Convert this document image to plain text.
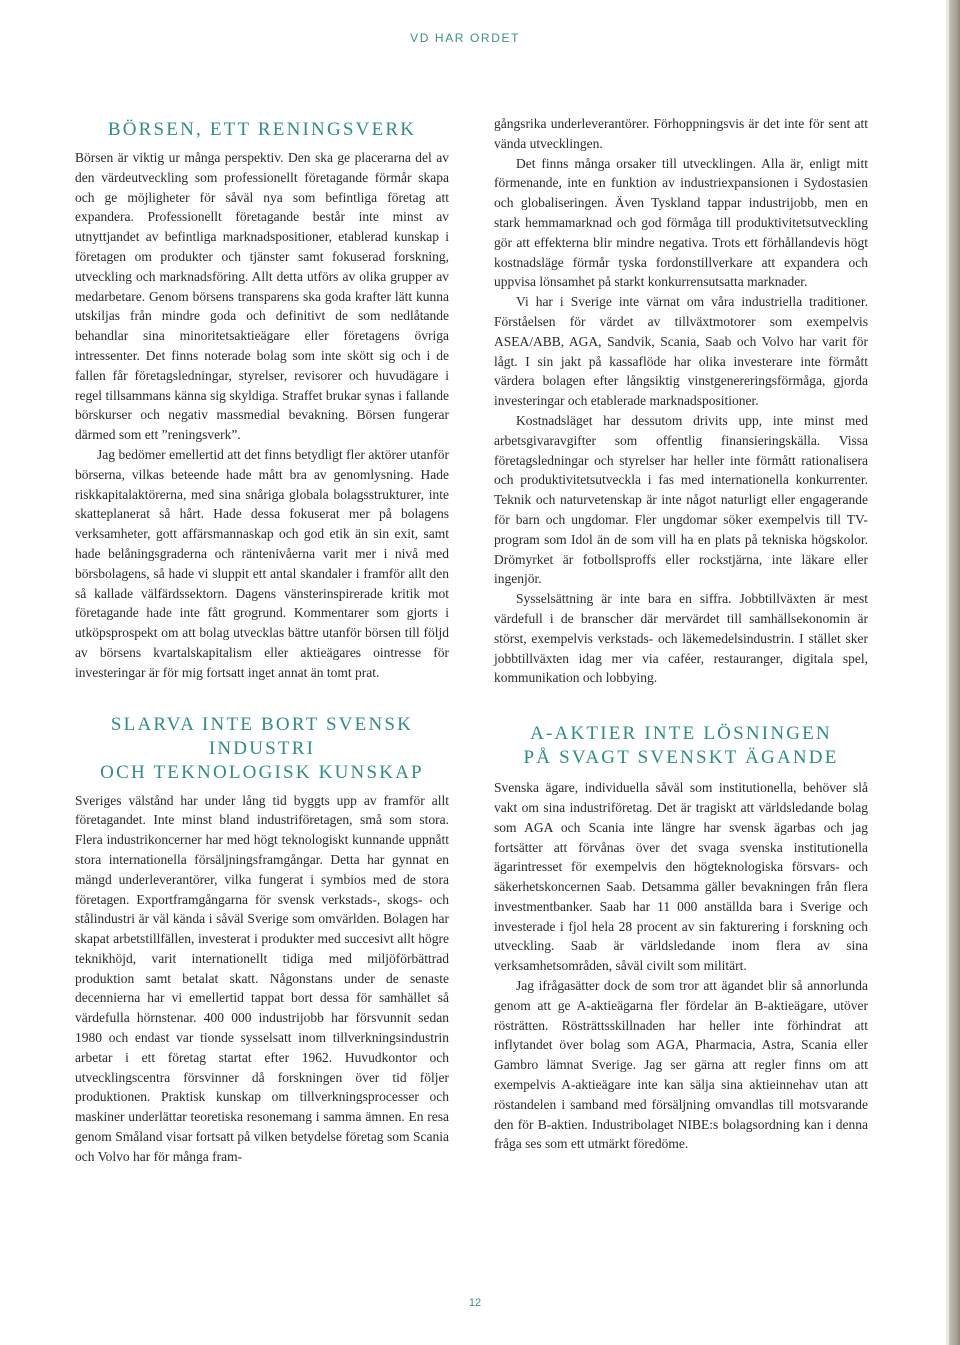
VD HAR ORDET
BÖRSEN, ETT RENINGSVERK

Börsen är viktig ur många perspektiv. Den ska ge placerarna del av den värdeutveckling som professionellt företagande förmår skapa och ge möjligheter för såväl nya som befintliga företag att expandera. Professionellt företagande består inte minst av utnyttjandet av befintliga marknadspositioner, etablerad kunskap i företagen om produkter och tjänster samt fokuserad forskning, utveckling och marknadsföring. Allt detta utförs av olika grupper av medarbetare. Genom börsens transparens ska goda krafter lätt kunna utskiljas från mindre goda och definitivt de som nedlåtande behandlar sina minoritetsaktieägare eller företagens övriga intressenter. Det finns noterade bolag som inte skött sig och i de fallen får företagsledningar, styrelser, revisorer och huvudägare i regel tillsammans känna sig skyldiga. Straffet brukar synas i fallande börskurser och negativ massmedial bevakning. Börsen fungerar därmed som ett ”reningsverk”.

Jag bedömer emellertid att det finns betydligt fler aktörer utanför börserna, vilkas beteende hade mått bra av genomlysning. Hade riskkapitalaktörerna, med sina snåriga globala bolagsstrukturer, inte skatteplanerat så hårt. Hade dessa fokuserat mer på bolagens verksamheter, gott affärsmannaskap och god etik än sin exit, samt hade belåningsgraderna och räntenivåerna varit mer i nivå med börsbolagens, så hade vi sluppit ett antal skandaler i framför allt den så kallade välfärdssektorn. Dagens vänsterinspirerade kritik mot företagande hade inte fått grogrund. Kommentarer som gjorts i utköpsprospekt om att bolag utvecklas bättre utanför börsen till följd av börsens kvartalskapitalism eller aktieägares ointresse för investeringar är för mig fortsatt inget annat än tomt prat.

SLARVA INTE BORT SVENSK INDUSTRI
OCH TEKNOLOGISK KUNSKAP

Sveriges välstånd har under lång tid byggts upp av framför allt företagandet. Inte minst bland industriföretagen, små som stora. Flera industrikoncerner har med högt teknologiskt kunnande uppnått stora internationella försäljningsframgångar. Detta har gynnat en mängd underleverantörer, vilka fungerat i symbios med de stora företagen. Exportframgångarna för svensk verkstads-, skogs- och stålindustri är väl kända i såväl Sverige som omvärlden. Bolagen har skapat arbetstillfällen, investerat i produkter med succesivt allt högre teknikhöjd, varit internationellt tidiga med miljöförbättrad produktion samt betalat skatt. Någonstans under de senaste decennierna har vi emellertid tappat bort dessa för samhället så värdefulla hörnstenar. 400 000 industrijobb har försvunnit sedan 1980 och endast var tionde sysselsatt inom tillverkningsindustrin arbetar i ett företag startat efter 1962. Huvudkontor och utvecklingscentra försvinner då forskningen över tid följer produktionen. Praktisk kunskap om tillverkningsprocesser och maskiner underlättar teoretiska resonemang i samma ämnen. En resa genom Småland visar fortsatt på vilken betydelse företag som Scania och Volvo har för många fram-

gångsrika underleverantörer. Förhoppningsvis är det inte för sent att vända utvecklingen.

Det finns många orsaker till utvecklingen. Alla är, enligt mitt förmenande, inte en funktion av industriexpansionen i Sydostasien och globaliseringen. Även Tyskland tappar industrijobb, men en stark hemmamarknad och god förmåga till produktivitetsutveckling gör att effekterna blir mindre negativa. Trots ett förhållandevis högt kostnadsläge förmår tyska fordonstillverkare att expandera och uppvisa lönsamhet på starkt konkurrensutsatta marknader.

Vi har i Sverige inte värnat om våra industriella traditioner. Förståelsen för värdet av tillväxtmotorer som exempelvis ASEA/ABB, AGA, Sandvik, Scania, Saab och Volvo har varit för lågt. I sin jakt på kassaflöde har olika investerare inte förmått värdera bolagen efter långsiktig vinstgenereringsförmåga, gjorda investeringar och etablerade marknadspositioner.

Kostnadsläget har dessutom drivits upp, inte minst med arbetsgivaravgifter som offentlig finansieringskälla. Vissa företagsledningar och styrelser har heller inte förmått rationalisera och produktivitetsutveckla i fas med internationella konkurrenter. Teknik och naturvetenskap är inte något naturligt eller engagerande för barn och ungdomar. Fler ungdomar söker exempelvis till TV-program som Idol än de som vill ha en plats på tekniska högskolor. Drömyrket är fotbollsproffs eller rockstjärna, inte läkare eller ingenjör.

Sysselsättning är inte bara en siffra. Jobbtillväxten är mest värdefull i de branscher där mervärdet till samhällsekonomin är störst, exempelvis verkstads- och läkemedelsindustrin. I stället sker jobbtillväxten idag mer via caféer, restauranger, digitala spel, kommunikation och lobbying.

A-AKTIER INTE LÖSNINGEN
PÅ SVAGT SVENSKT ÄGANDE

Svenska ägare, individuella såväl som institutionella, behöver slå vakt om sina industriföretag. Det är tragiskt att världsledande bolag som AGA och Scania inte längre har svensk ägarbas och jag fortsätter att förvånas över det svaga svenska institutionella ägarintresset för exempelvis den högteknologiska försvars- och säkerhetskoncernen Saab. Detsamma gäller bevakningen från flera investmentbanker. Saab har 11 000 anställda bara i Sverige och investerade i fjol hela 28 procent av sin fakturering i forskning och utveckling. Saab är världsledande inom flera av sina verksamhetsområden, såväl civilt som militärt.

Jag ifrågasätter dock de som tror att ägandet blir så annorlunda genom att ge A-aktieägarna fler fördelar än B-aktieägare, utöver rösträtten. Rösträttsskillnaden har heller inte förhindrat att inflytandet över bolag som AGA, Pharmacia, Astra, Scania eller Gambro lämnat Sverige. Jag ser gärna att regler finns om att exempelvis A-aktieägare inte kan sälja sina aktieinnehav utan att röstandelen i samband med försäljning omvandlas till motsvarande den för B-aktien. Industribolaget NIBE:s bolagsordning kan i denna fråga ses som ett utmärkt föredöme.

12
